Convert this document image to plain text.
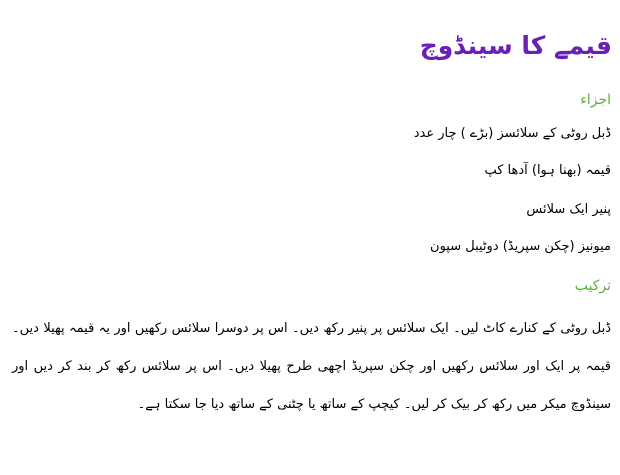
قیمے کا سینڈوچ
اجزاء

ڈبل روٹی کے سلائسز (بڑے ) چار عدد

قیمہ (بھنا ہوا) آدھا کپ

پنیر ایک سلائس

میونیز (چکن سپریڈ) دوٹیبل سپون

ترکیب

ڈبل روٹی کے کنارے کاٹ لیں۔ ایک سلائس پر پنیر رکھ دیں۔ اس پر دوسرا سلائس رکھیں اور یہ قیمہ پھیلا دیں۔ قیمہ پر ایک اور سلائس رکھیں اور چکن سپریڈ اچھی طرح پھیلا دیں۔ اس پر سلائس رکھ کر بند کر دیں اور سینڈوچ میکر میں رکھ کر بیک کر لیں۔ کیچپ کے ساتھ یا چٹنی کے ساتھ دیا جا سکتا ہے۔
